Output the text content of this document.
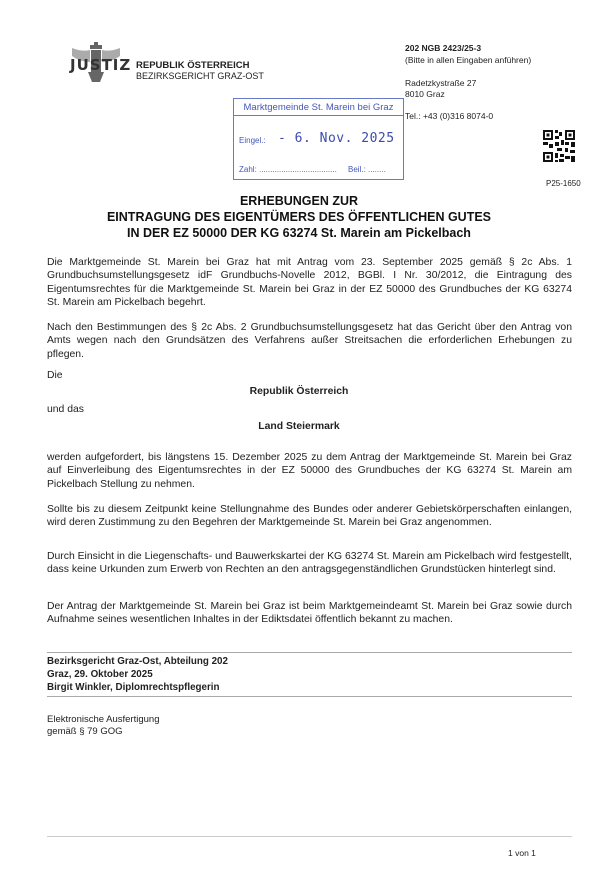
JUSTIZ REPUBLIK ÖSTERREICH
BEZIRKSGERICHT GRAZ-OST
202 NGB 2423/25-3
(Bitte in allen Eingaben anführen)
Radetzkystraße 27
8010 Graz
Tel.: +43 (0)316 8074-0
Marktgemeinde St. Marein bei Graz
Eingel.: - 6. Nov. 2025
Zahl: ................................... Beil.: ........
P25-1650
ERHEBUNGEN ZUR
EINTRAGUNG DES EIGENTÜMERS DES ÖFFENTLICHEN GUTES
IN DER EZ 50000 DER KG 63274 St. Marein am Pickelbach
Die Marktgemeinde St. Marein bei Graz hat mit Antrag vom 23. September 2025 gemäß § 2c Abs. 1 Grundbuchsumstellungsgesetz idF Grundbuchs-Novelle 2012, BGBl. I Nr. 30/2012, die Eintragung des Eigentumsrechtes für die Marktgemeinde St. Marein bei Graz in der EZ 50000 des Grundbuches der KG 63274 St. Marein am Pickelbach begehrt.
Nach den Bestimmungen des § 2c Abs. 2 Grundbuchsumstellungsgesetz hat das Gericht über den Antrag von Amts wegen nach den Grundsätzen des Verfahrens außer Streitsachen die erforderlichen Erhebungen zu pflegen.
Die
Republik Österreich
und das
Land Steiermark
werden aufgefordert, bis längstens 15. Dezember 2025 zu dem Antrag der Marktgemeinde St. Marein bei Graz auf Einverleibung des Eigentumsrechtes in der EZ 50000 des Grundbuches der KG 63274 St. Marein am Pickelbach Stellung zu nehmen.
Sollte bis zu diesem Zeitpunkt keine Stellungnahme des Bundes oder anderer Gebietskörperschaften einlangen, wird deren Zustimmung zu den Begehren der Marktgemeinde St. Marein bei Graz angenommen.
Durch Einsicht in die Liegenschafts- und Bauwerkskartei der KG 63274 St. Marein am Pickelbach wird festgestellt, dass keine Urkunden zum Erwerb von Rechten an den antragsgegenständlichen Grundstücken hinterlegt sind.
Der Antrag der Marktgemeinde St. Marein bei Graz ist beim Marktgemeindeamt St. Marein bei Graz sowie durch Aufnahme seines wesentlichen Inhaltes in der Ediktsdatei öffentlich bekannt zu machen.
Bezirksgericht Graz-Ost, Abteilung 202
Graz, 29. Oktober 2025
Birgit Winkler, Diplomrechtspflegerin
Elektronische Ausfertigung
gemäß § 79 GOG
1 von 1
